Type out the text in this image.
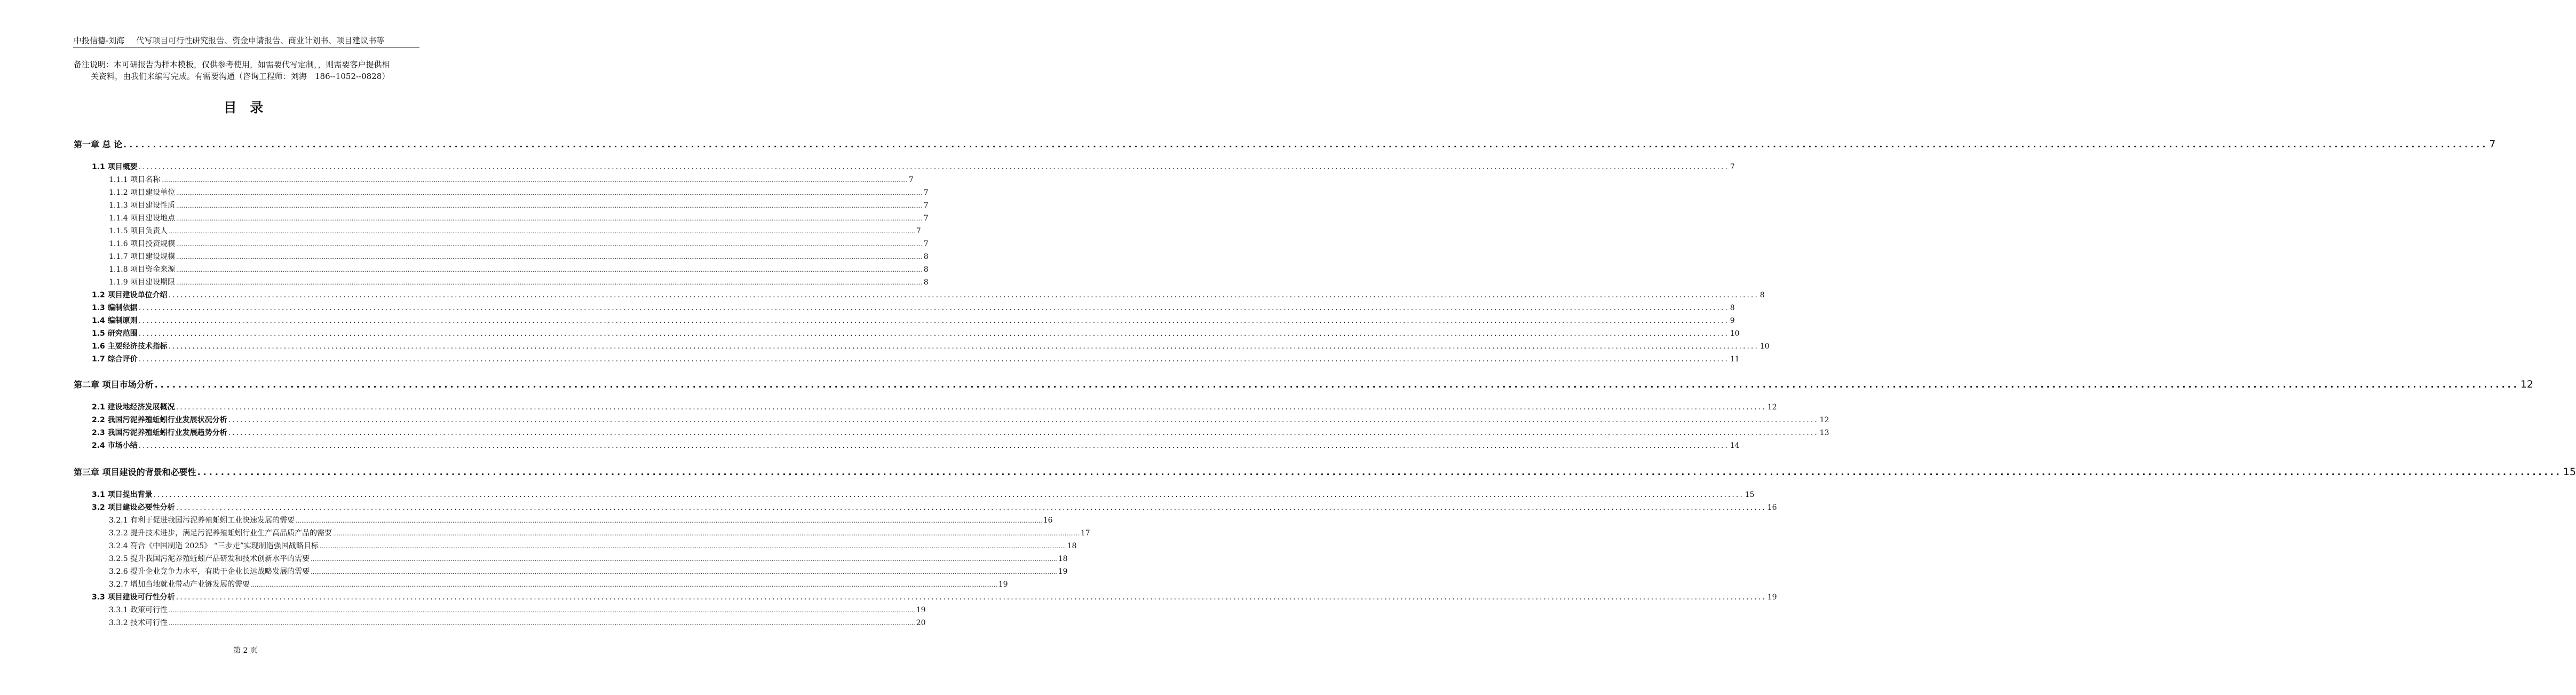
中投信德-刘海 代写项目可行性研究报告、资金申请报告、商业计划书、项目建议书等
备注说明：本可研报告为样本模板，仅供参考使用，如需要代写定制，，则需要客户提供相
关资料，由我们来编写完成。有需要沟通（咨询工程师：刘海　186--1052--0828）
目 录
第一章 总 论 ................................................................................................................................................................................................................................................................................................................................................................................................................ 7
1.1 项目概要 ................................................................................................................................................................................................................................................................................................................................................................................................................ 7
1.1.1 项目名称 ................................................................................................................................................................................................................................................................................................................................................................................................................ 7
1.1.2 项目建设单位 ................................................................................................................................................................................................................................................................................................................................................................................................................ 7
1.1.3 项目建设性质 ................................................................................................................................................................................................................................................................................................................................................................................................................ 7
1.1.4 项目建设地点 ................................................................................................................................................................................................................................................................................................................................................................................................................ 7
1.1.5 项目负责人 ................................................................................................................................................................................................................................................................................................................................................................................................................ 7
1.1.6 项目投资规模 ................................................................................................................................................................................................................................................................................................................................................................................................................ 7
1.1.7 项目建设规模 ................................................................................................................................................................................................................................................................................................................................................................................................................ 8
1.1.8 项目资金来源 ................................................................................................................................................................................................................................................................................................................................................................................................................ 8
1.1.9 项目建设期限 ................................................................................................................................................................................................................................................................................................................................................................................................................ 8
1.2 项目建设单位介绍 ................................................................................................................................................................................................................................................................................................................................................................................................................ 8
1.3 编制依据 ................................................................................................................................................................................................................................................................................................................................................................................................................ 8
1.4 编制原则 ................................................................................................................................................................................................................................................................................................................................................................................................................ 9
1.5 研究范围 ................................................................................................................................................................................................................................................................................................................................................................................................................ 10
1.6 主要经济技术指标 ................................................................................................................................................................................................................................................................................................................................................................................................................ 10
1.7 综合评价 ................................................................................................................................................................................................................................................................................................................................................................................................................ 11
第二章 项目市场分析 ................................................................................................................................................................................................................................................................................................................................................................................................................ 12
2.1 建设地经济发展概况 ................................................................................................................................................................................................................................................................................................................................................................................................................ 12
2.2 我国污泥养殖蚯蚓行业发展状况分析 ................................................................................................................................................................................................................................................................................................................................................................................................................ 12
2.3 我国污泥养殖蚯蚓行业发展趋势分析 ................................................................................................................................................................................................................................................................................................................................................................................................................ 13
2.4 市场小结 ................................................................................................................................................................................................................................................................................................................................................................................................................ 14
第三章 项目建设的背景和必要性 ................................................................................................................................................................................................................................................................................................................................................................................................................ 15
3.1 项目提出背景 ................................................................................................................................................................................................................................................................................................................................................................................................................ 15
3.2 项目建设必要性分析 ................................................................................................................................................................................................................................................................................................................................................................................................................ 16
3.2.1 有利于促进我国污泥养殖蚯蚓工业快速发展的需要 ................................................................................................................................................................................................................................................................................................................................................................................................................ 16
3.2.2 提升技术进步，满足污泥养殖蚯蚓行业生产高品质产品的需要 ................................................................................................................................................................................................................................................................................................................................................................................................................ 17
3.2.4 符合《中国制造 2025》 “三步走”实现制造强国战略目标 ................................................................................................................................................................................................................................................................................................................................................................................................................ 18
3.2.5 提升我国污泥养殖蚯蚓产品研发和技术创新水平的需要 ................................................................................................................................................................................................................................................................................................................................................................................................................ 18
3.2.6 提升企业竞争力水平，有助于企业长远战略发展的需要 ................................................................................................................................................................................................................................................................................................................................................................................................................ 19
3.2.7 增加当地就业带动产业链发展的需要 ................................................................................................................................................................................................................................................................................................................................................................................................................ 19
3.3 项目建设可行性分析 ................................................................................................................................................................................................................................................................................................................................................................................................................ 19
3.3.1 政策可行性 ................................................................................................................................................................................................................................................................................................................................................................................................................ 19
3.3.2 技术可行性 ................................................................................................................................................................................................................................................................................................................................................................................................................ 20
第 2 页
